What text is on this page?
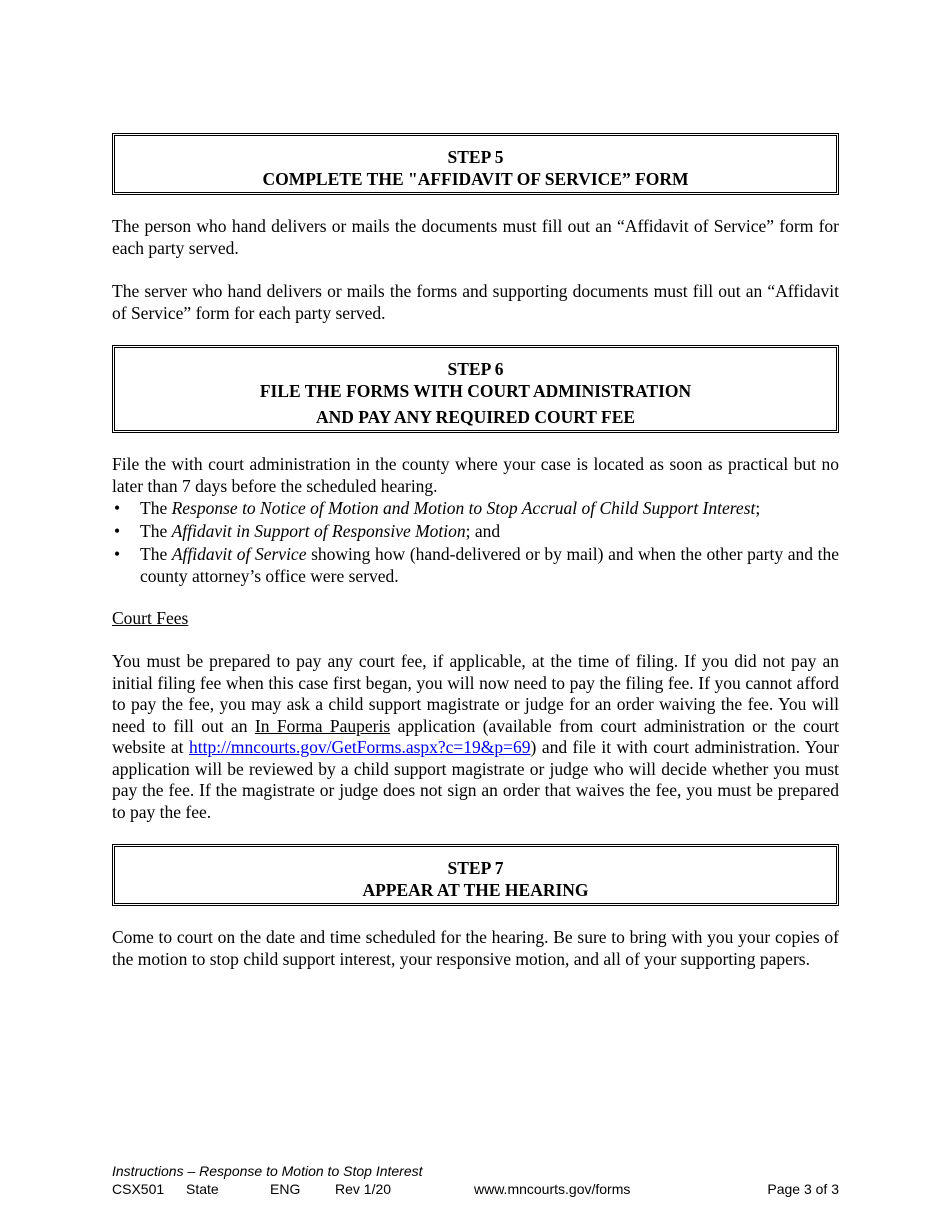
STEP 5
COMPLETE THE "AFFIDAVIT OF SERVICE” FORM

The person who hand delivers or mails the documents must fill out an “Affidavit of Service” form for each party served.

The server who hand delivers or mails the forms and supporting documents must fill out an “Affidavit of Service” form for each party served.

STEP 6
FILE THE FORMS WITH COURT ADMINISTRATION
AND PAY ANY REQUIRED COURT FEE

File the with court administration in the county where your case is located as soon as practical but no later than 7 days before the scheduled hearing.

• The Response to Notice of Motion and Motion to Stop Accrual of Child Support Interest;
• The Affidavit in Support of Responsive Motion; and
• The Affidavit of Service showing how (hand-delivered or by mail) and when the other party and the county attorney’s office were served.

Court Fees

You must be prepared to pay any court fee, if applicable, at the time of filing. If you did not pay an initial filing fee when this case first began, you will now need to pay the filing fee. If you cannot afford to pay the fee, you may ask a child support magistrate or judge for an order waiving the fee. You will need to fill out an In Forma Pauperis application (available from court administration or the court website at http://mncourts.gov/GetForms.aspx?c=19&p=69) and file it with court administration. Your application will be reviewed by a child support magistrate or judge who will decide whether you must pay the fee. If the magistrate or judge does not sign an order that waives the fee, you must be prepared to pay the fee.

STEP 7
APPEAR AT THE HEARING

Come to court on the date and time scheduled for the hearing. Be sure to bring with you your copies of the motion to stop child support interest, your responsive motion, and all of your supporting papers.

Instructions – Response to Motion to Stop Interest
CSX501 State	ENG Rev 1/20	www.mncourts.gov/forms	Page 3 of 3
